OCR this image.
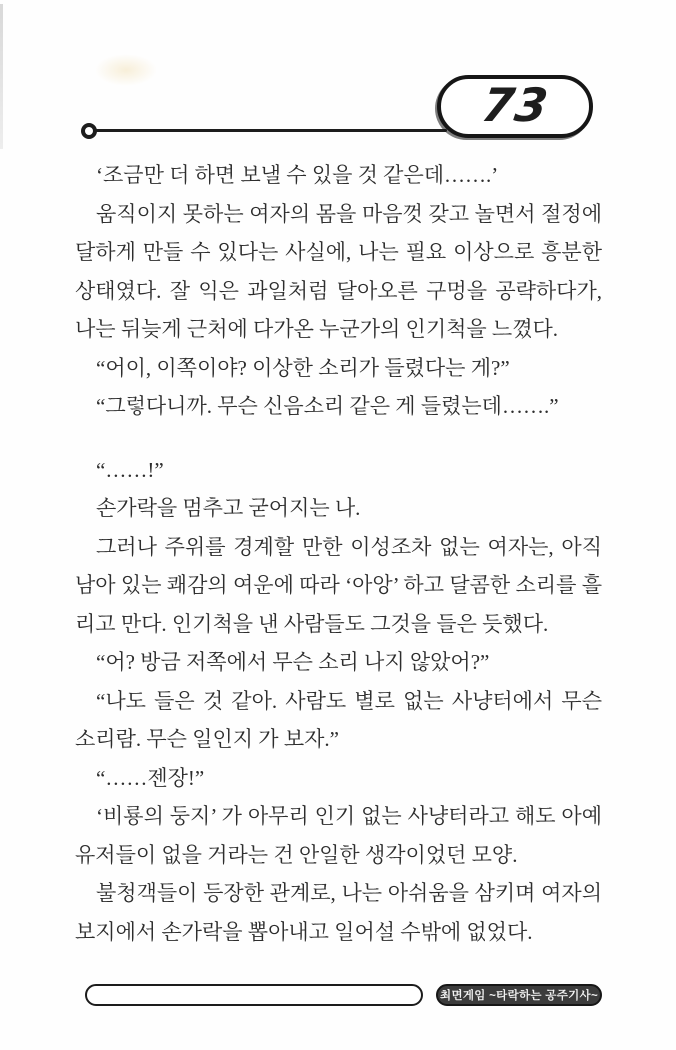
73

‘조금만 더 하면 보낼 수 있을 것 같은데…….’

움직이지 못하는 여자의 몸을 마음껏 갖고 놀면서 절정에 달하게 만들 수 있다는 사실에, 나는 필요 이상으로 흥분한 상태였다. 잘 익은 과일처럼 달아오른 구멍을 공략하다가, 나는 뒤늦게 근처에 다가온 누군가의 인기척을 느꼈다.

“어이, 이쪽이야? 이상한 소리가 들렸다는 게?”

“그렇다니까. 무슨 신음소리 같은 게 들렸는데…….”

“……!”

손가락을 멈추고 굳어지는 나.

그러나 주위를 경계할 만한 이성조차 없는 여자는, 아직 남아 있는 쾌감의 여운에 따라 ‘아앙’ 하고 달콤한 소리를 흘리고 만다. 인기척을 낸 사람들도 그것을 들은 듯했다.

“어? 방금 저쪽에서 무슨 소리 나지 않았어?”

“나도 들은 것 같아. 사람도 별로 없는 사냥터에서 무슨 소리람. 무슨 일인지 가 보자.”

“……젠장!”

‘비룡의 둥지’ 가 아무리 인기 없는 사냥터라고 해도 아예 유저들이 없을 거라는 건 안일한 생각이었던 모양.

불청객들이 등장한 관계로, 나는 아쉬움을 삼키며 여자의 보지에서 손가락을 뽑아내고 일어설 수밖에 없었다.

최면게임 ~타락하는 공주기사~
